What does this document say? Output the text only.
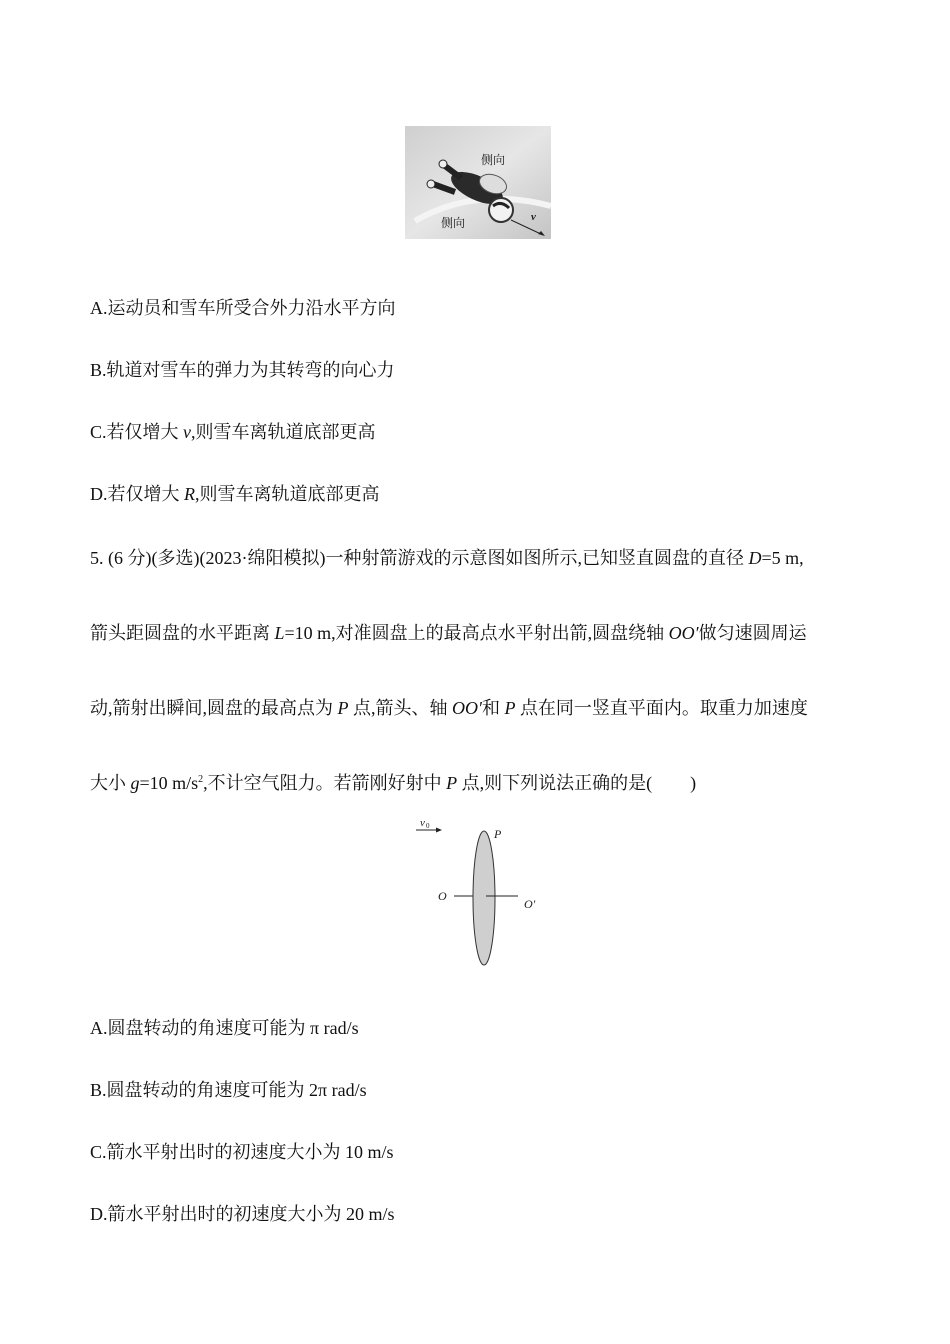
侧向
侧向	v
A.运动员和雪车所受合外力沿水平方向
B.轨道对雪车的弹力为其转弯的向心力
C.若仅增大 v,则雪车离轨道底部更高
D.若仅增大 R,则雪车离轨道底部更高
5. (6 分)(多选)(2023·绵阳模拟)一种射箭游戏的示意图如图所示,已知竖直圆盘的直径 D=5 m,
箭头距圆盘的水平距离 L=10 m,对准圆盘上的最高点水平射出箭,圆盘绕轴 OO′做匀速圆周运
动,箭射出瞬间,圆盘的最高点为 P 点,箭头、轴 OO′和 P 点在同一竖直平面内。取重力加速度
大小 g=10 $m/s^2$,不计空气阻力。若箭刚好射中 P 点,则下列说法正确的是( )
v 0
P
O
O′
A.圆盘转动的角速度可能为 π rad/s
B.圆盘转动的角速度可能为 2π rad/s
C.箭水平射出时的初速度大小为 10 m/s
D.箭水平射出时的初速度大小为 20 m/s
